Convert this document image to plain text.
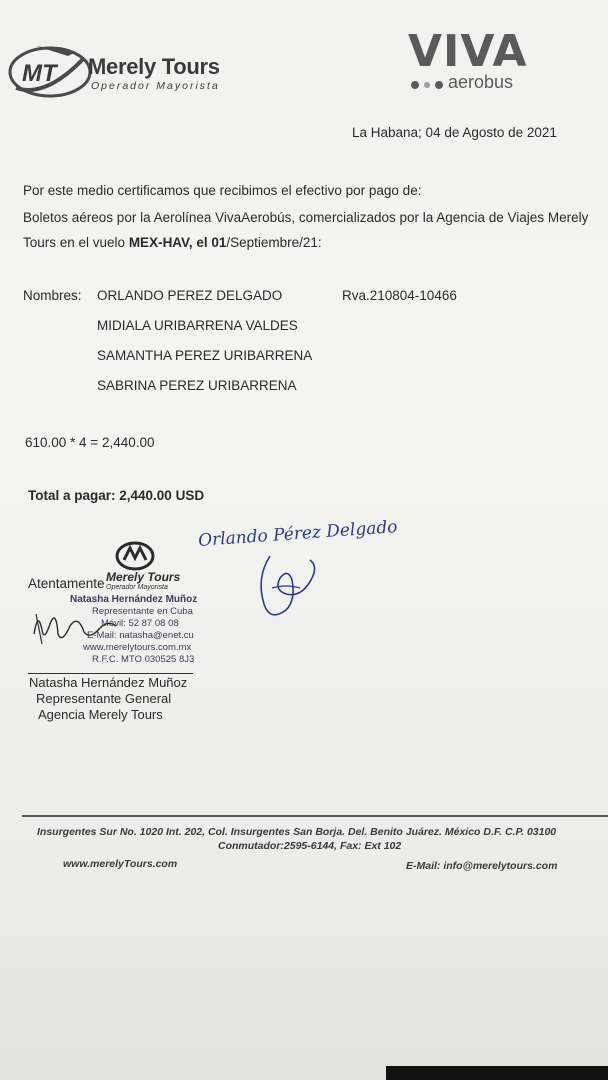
MT Merely Tours
Operador Mayorista
VIVA
aerobus
La Habana; 04 de Agosto de 2021
Por este medio certificamos que recibimos el efectivo por pago de:
Boletos aéreos por la Aerolínea VivaAerobús, comercializados por la Agencia de Viajes Merely
Tours en el vuelo MEX-HAV, el 01/Septiembre/21:
Nombres:	Rva.210804-10466
ORLANDO PEREZ DELGADO
MIDIALA URIBARRENA VALDES
SAMANTHA PEREZ URIBARRENA
SABRINA PEREZ URIBARRENA
610.00 * 4 = 2,440.00
Total a pagar: 2,440.00 USD
Atentamente Merely Tours
Operador Mayorista
Natasha Hernández Muñoz
Representante en Cuba
Móvil: 52 87 08 08
E-Mail: natasha@enet.cu
www.merelytours.com.mx
R.F.C. MTO 030525 8J3
Orlando Pérez Delgado
Natasha Hernández Muñoz
Representante General
Agencia Merely Tours
Insurgentes Sur No. 1020 Int. 202, Col. Insurgentes San Borja. Del. Benito Juárez. México D.F. C.P. 03100
Conmutador:2595-6144, Fax: Ext 102
www.merelyTours.com	E-Mail: info@merelytours.com
